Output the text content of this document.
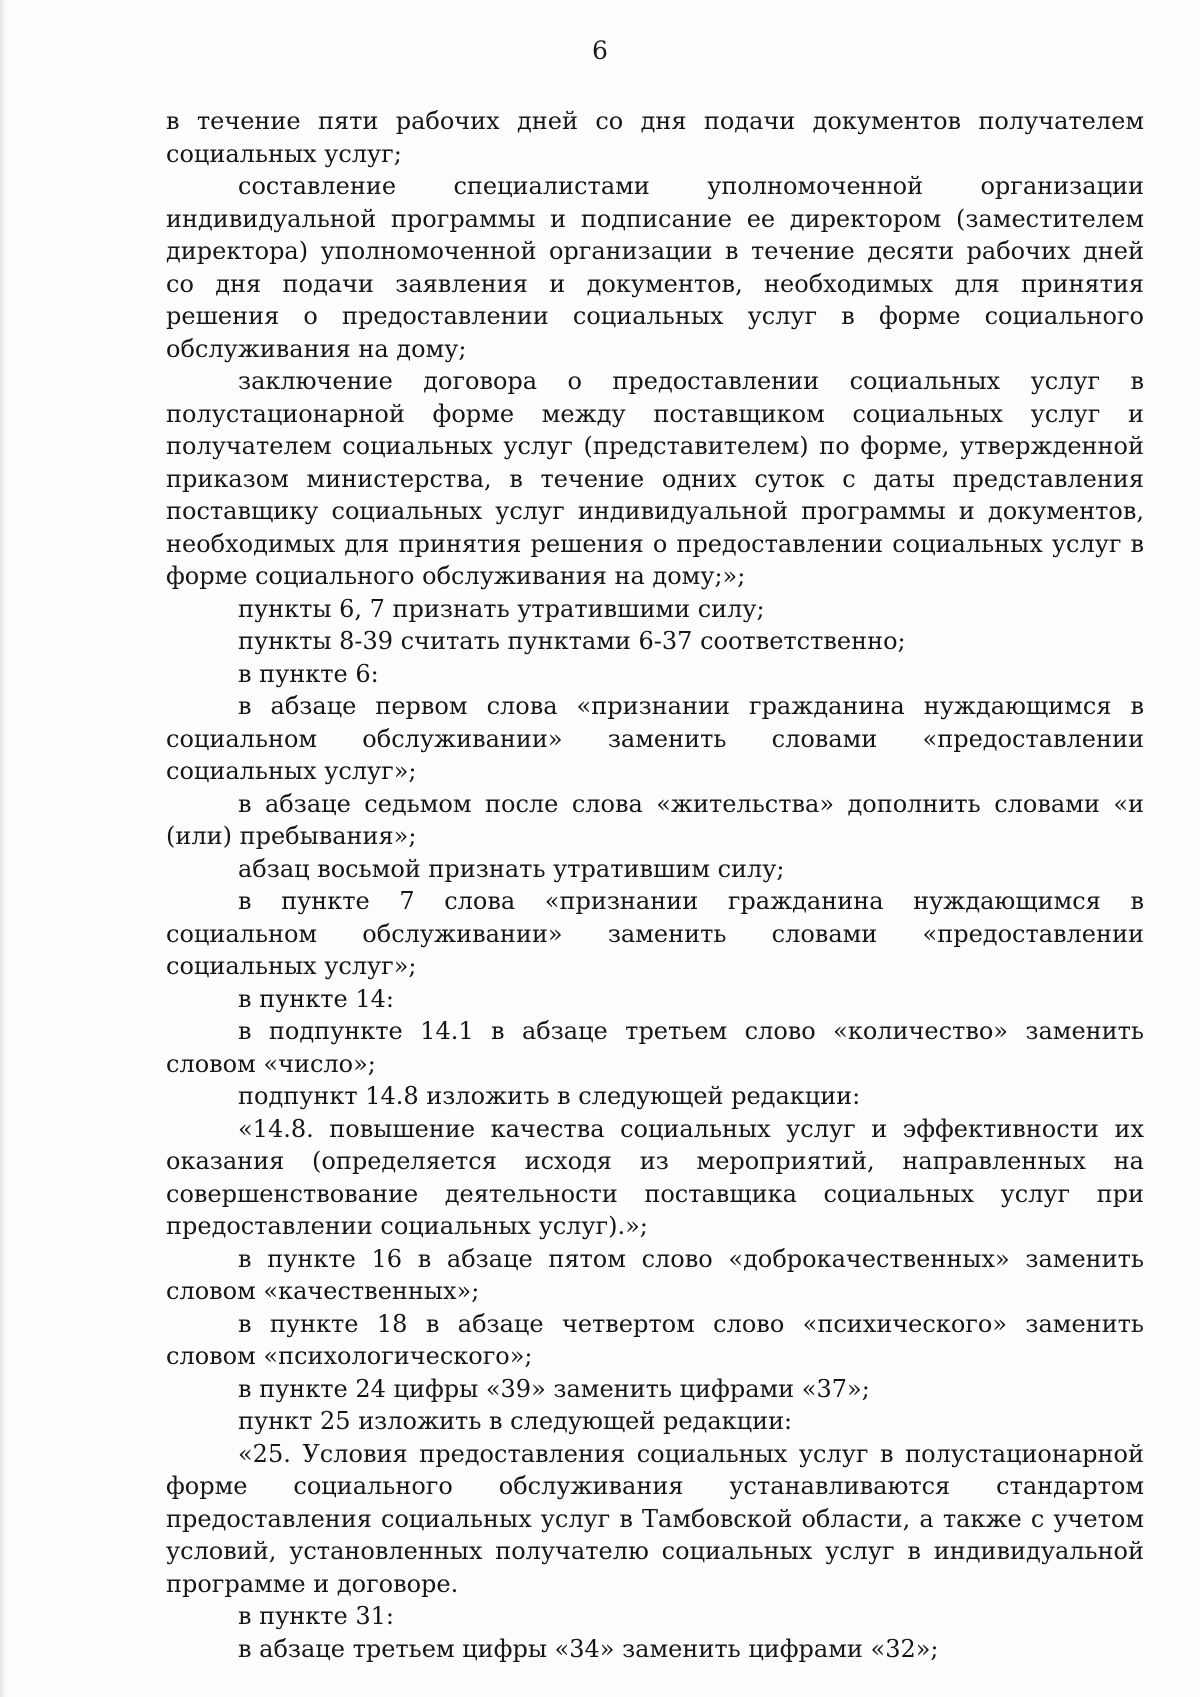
6

в течение пяти рабочих дней со дня подачи документов получателем социальных услуг;

составление специалистами уполномоченной организации индивидуальной программы и подписание ее директором (заместителем директора) уполномоченной организации в течение десяти рабочих дней со дня подачи заявления и документов, необходимых для принятия решения о предоставлении социальных услуг в форме социального обслуживания на дому;

заключение договора о предоставлении социальных услуг в полустационарной форме между поставщиком социальных услуг и получателем социальных услуг (представителем) по форме, утвержденной приказом министерства, в течение одних суток с даты представления поставщику социальных услуг индивидуальной программы и документов, необходимых для принятия решения о предоставлении социальных услуг в форме социального обслуживания на дому;»;

пункты 6, 7 признать утратившими силу;

пункты 8-39 считать пунктами 6-37 соответственно;

в пункте 6:

в абзаце первом слова «признании гражданина нуждающимся в социальном обслуживании» заменить словами «предоставлении социальных услуг»;

в абзаце седьмом после слова «жительства» дополнить словами «и (или) пребывания»;

абзац восьмой признать утратившим силу;

в пункте 7 слова «признании гражданина нуждающимся в социальном обслуживании» заменить словами «предоставлении социальных услуг»;

в пункте 14:

в подпункте 14.1 в абзаце третьем слово «количество» заменить словом «число»;

подпункт 14.8 изложить в следующей редакции:

«14.8. повышение качества социальных услуг и эффективности их оказания (определяется исходя из мероприятий, направленных на совершенствование деятельности поставщика социальных услуг при предоставлении социальных услуг).»;

в пункте 16 в абзаце пятом слово «доброкачественных» заменить словом «качественных»;

в пункте 18 в абзаце четвертом слово «психического» заменить словом «психологического»;

в пункте 24 цифры «39» заменить цифрами «37»;

пункт 25 изложить в следующей редакции:

«25. Условия предоставления социальных услуг в полустационарной форме социального обслуживания устанавливаются стандартом предоставления социальных услуг в Тамбовской области, а также с учетом условий, установленных получателю социальных услуг в индивидуальной программе и договоре.

в пункте 31:

в абзаце третьем цифры «34» заменить цифрами «32»;
